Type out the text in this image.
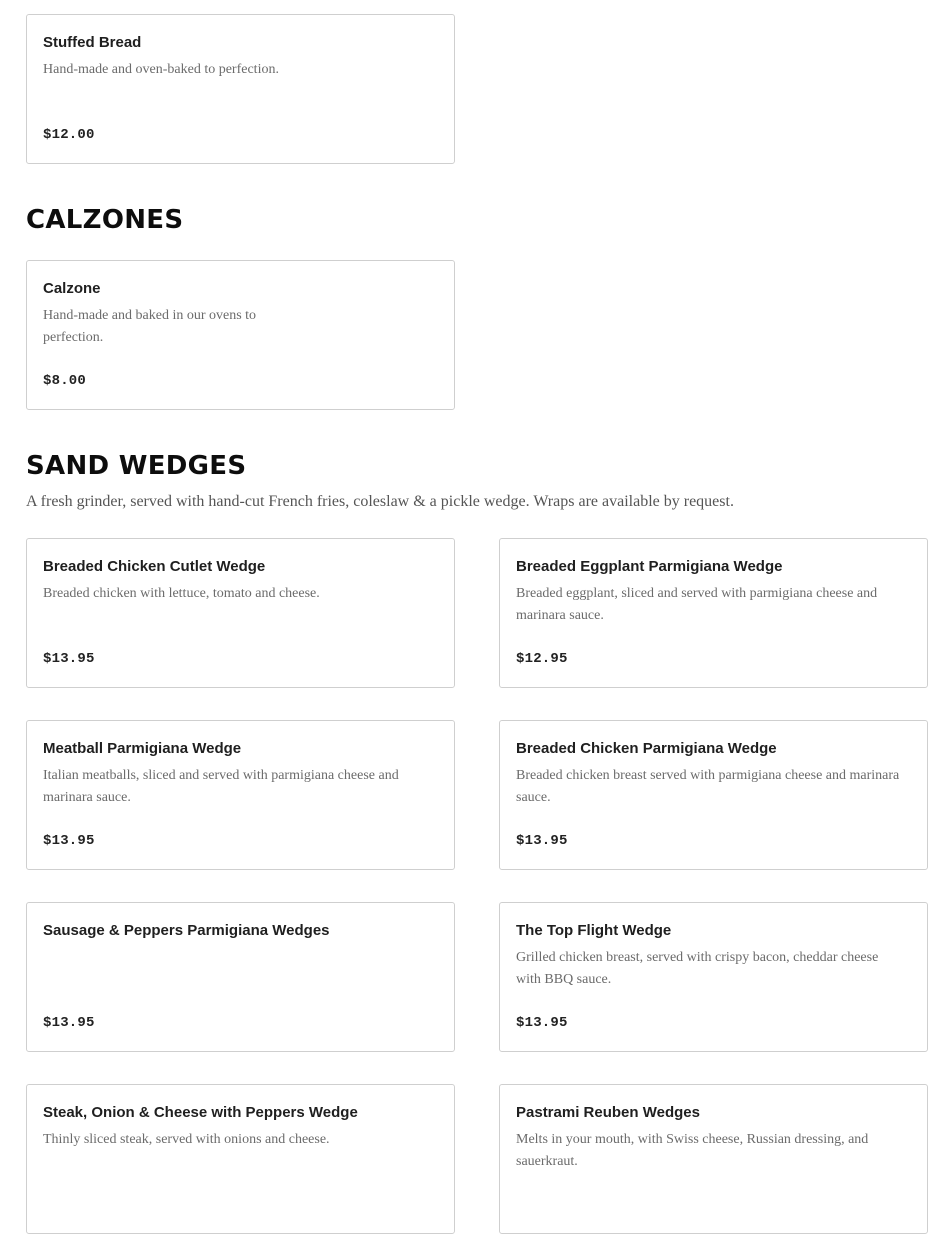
Stuffed Bread
Hand-made and oven-baked to perfection.
$12.00
CALZONES
Calzone
Hand-made and baked in our ovens to perfection.
$8.00
SAND WEDGES
A fresh grinder, served with hand-cut French fries, coleslaw & a pickle wedge. Wraps are available by request.
Breaded Chicken Cutlet Wedge
Breaded chicken with lettuce, tomato and cheese.
$13.95
Breaded Eggplant Parmigiana Wedge
Breaded eggplant, sliced and served with parmigiana cheese and marinara sauce.
$12.95
Meatball Parmigiana Wedge
Italian meatballs, sliced and served with parmigiana cheese and marinara sauce.
$13.95
Breaded Chicken Parmigiana Wedge
Breaded chicken breast served with parmigiana cheese and marinara sauce.
$13.95
Sausage & Peppers Parmigiana Wedges
$13.95
The Top Flight Wedge
Grilled chicken breast, served with crispy bacon, cheddar cheese with BBQ sauce.
$13.95
Steak, Onion & Cheese with Peppers Wedge
Thinly sliced steak, served with onions and cheese.
Pastrami Reuben Wedges
Melts in your mouth, with Swiss cheese, Russian dressing, and sauerkraut.
